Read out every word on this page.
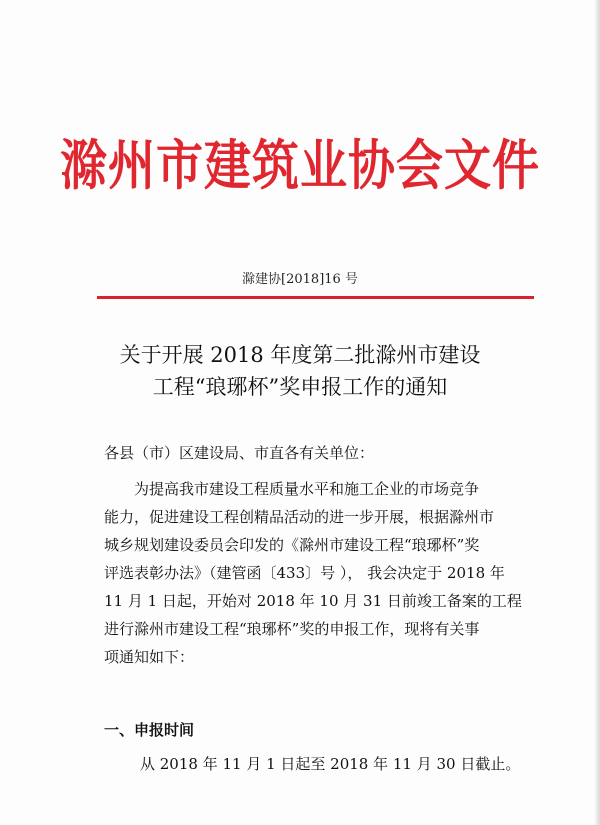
滁州市建筑业协会文件
滁建协[2018]16 号
关于开展 2018 年度第二批滁州市建设
工程“琅琊杯”奖申报工作的通知
各县（市）区建设局、市直各有关单位：
　　为提高我市建设工程质量水平和施工企业的市场竞争
能力，促进建设工程创精品活动的进一步开展，根据滁州市
城乡规划建设委员会印发的《滁州市建设工程“琅琊杯”奖
评选表彰办法》（建管函〔433〕号 ）， 我会决定于 2018 年
11 月 1 日起，开始对 2018 年 10 月 31 日前竣工备案的工程
进行滁州市建设工程“琅琊杯”奖的申报工作，现将有关事
项通知如下：
一、申报时间
从 2018 年 11 月 1 日起至 2018 年 11 月 30 日截止。
